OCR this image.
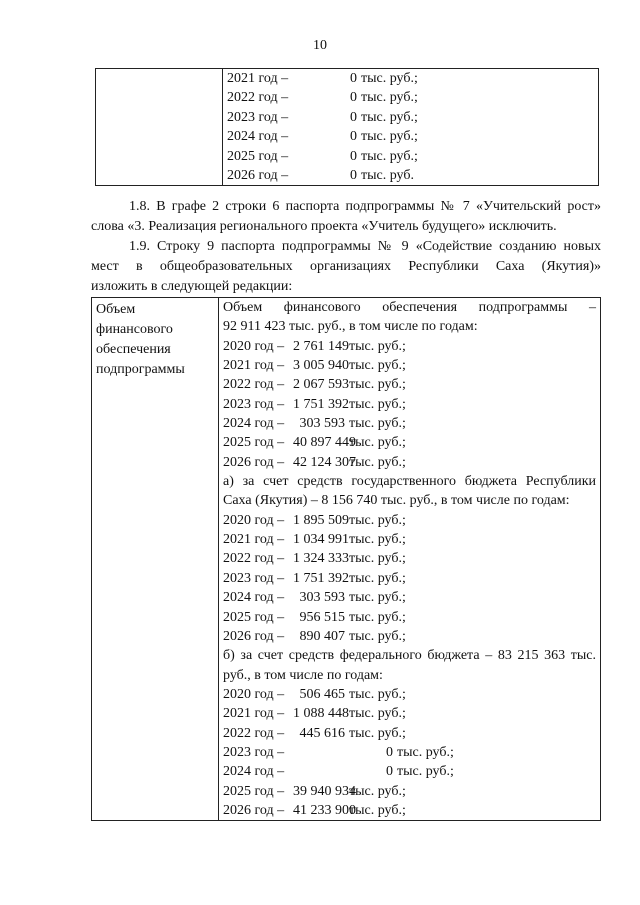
10

2021 год –	0 тыс. руб.;
2022 год –	0 тыс. руб.;
2023 год –	0 тыс. руб.;
2024 год –	0 тыс. руб.;
2025 год –	0 тыс. руб.;
2026 год –	0 тыс. руб.
1.8. В графе 2 строки 6 паспорта подпрограммы № 7 «Учительский рост»
слова «3. Реализация регионального проекта «Учитель будущего» исключить.
1.9. Строку 9 паспорта подпрограммы № 9 «Содействие созданию новых
мест в общеобразовательных организациях Республики Саха (Якутия)»
изложить в следующей редакции:
Объем
финансового
обеспечения
подпрограммы

Объем финансового обеспечения подпрограммы –
92 911 423 тыс. руб., в том числе по годам:
2020 год – 2 761 149тыс. руб.;
2021 год – 3 005 940тыс. руб.;
2022 год – 2 067 593тыс. руб.;
2023 год – 1 751 392тыс. руб.;
2024 год – 303 593 тыс. руб.;
2025 год – 40 897 449тыс. руб.;
2026 год – 42 124 307тыс. руб.;
а) за счет средств государственного бюджета Республики
Саха (Якутия) – 8 156 740 тыс. руб., в том числе по годам:
2020 год – 1 895 509тыс. руб.;
2021 год – 1 034 991тыс. руб.;
2022 год – 1 324 333тыс. руб.;
2023 год – 1 751 392тыс. руб.;
2024 год – 303 593 тыс. руб.;
2025 год – 956 515 тыс. руб.;
2026 год – 890 407 тыс. руб.;
б) за счет средств федерального бюджета – 83 215 363 тыс.
руб., в том числе по годам:
2020 год – 506 465 тыс. руб.;
2021 год – 1 088 448тыс. руб.;
2022 год – 445 616 тыс. руб.;
2023 год –	0 тыс. руб.;
2024 год –	0 тыс. руб.;
2025 год – 39 940 934тыс. руб.;
2026 год – 41 233 900тыс. руб.;
